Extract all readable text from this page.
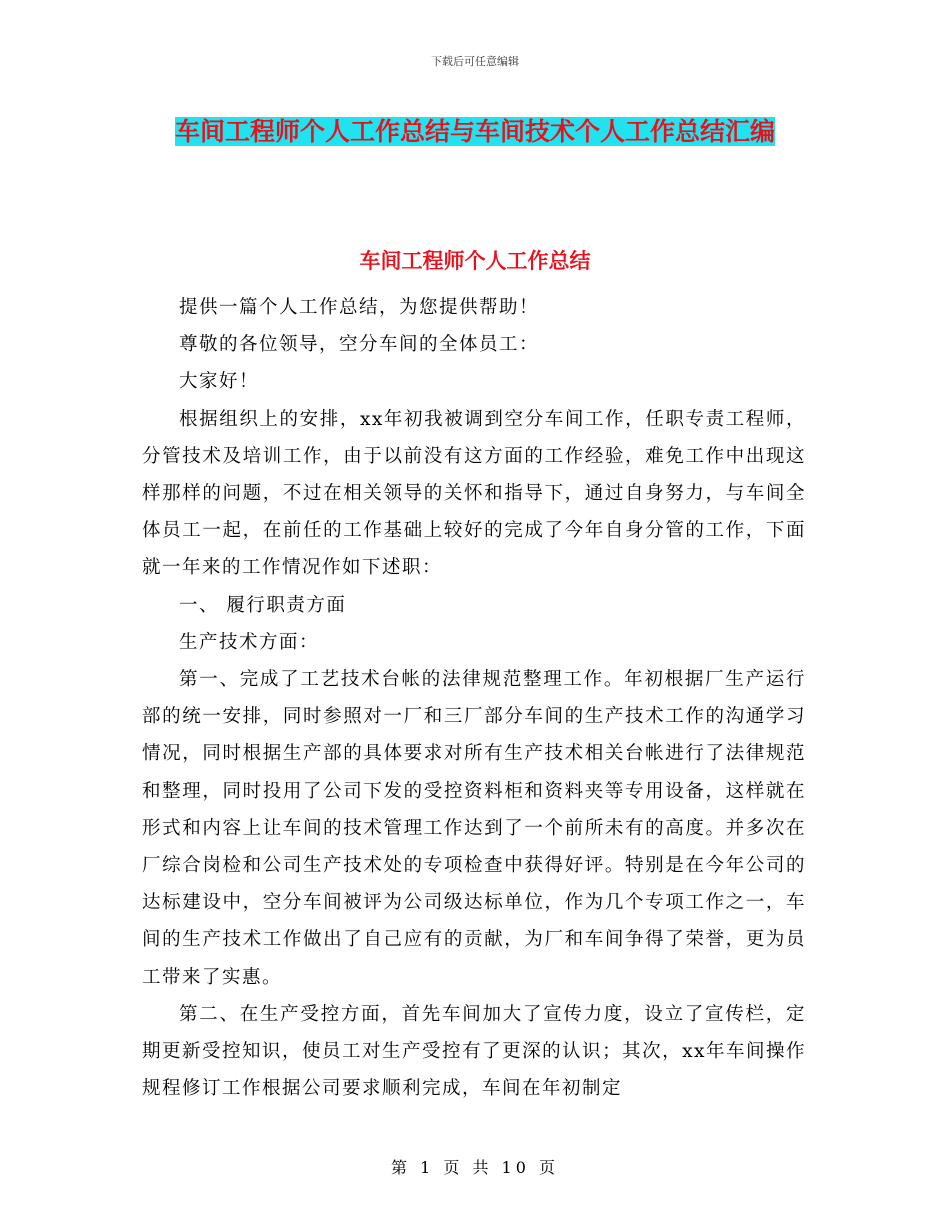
下载后可任意编辑
车间工程师个人工作总结与车间技术个人工作总结汇编
车间工程师个人工作总结

提供一篇个人工作总结，为您提供帮助！

尊敬的各位领导，空分车间的全体员工：

大家好！

根据组织上的安排，xx年初我被调到空分车间工作，任职专责工程师，分管技术及培训工作，由于以前没有这方面的工作经验，难免工作中出现这样那样的问题，不过在相关领导的关怀和指导下，通过自身努力，与车间全体员工一起，在前任的工作基础上较好的完成了今年自身分管的工作，下面就一年来的工作情况作如下述职：

一、 履行职责方面

生产技术方面：

第一、完成了工艺技术台帐的法律规范整理工作。年初根据厂生产运行部的统一安排，同时参照对一厂和三厂部分车间的生产技术工作的沟通学习情况，同时根据生产部的具体要求对所有生产技术相关台帐进行了法律规范和整理，同时投用了公司下发的受控资料柜和资料夹等专用设备，这样就在形式和内容上让车间的技术管理工作达到了一个前所未有的高度。并多次在厂综合岗检和公司生产技术处的专项检查中获得好评。特别是在今年公司的达标建设中，空分车间被评为公司级达标单位，作为几个专项工作之一，车间的生产技术工作做出了自己应有的贡献，为厂和车间争得了荣誉，更为员工带来了实惠。

第二、在生产受控方面，首先车间加大了宣传力度，设立了宣传栏，定期更新受控知识，使员工对生产受控有了更深的认识；其次，xx年车间操作规程修订工作根据公司要求顺利完成，车间在年初制定

第 1 页 共 10 页
